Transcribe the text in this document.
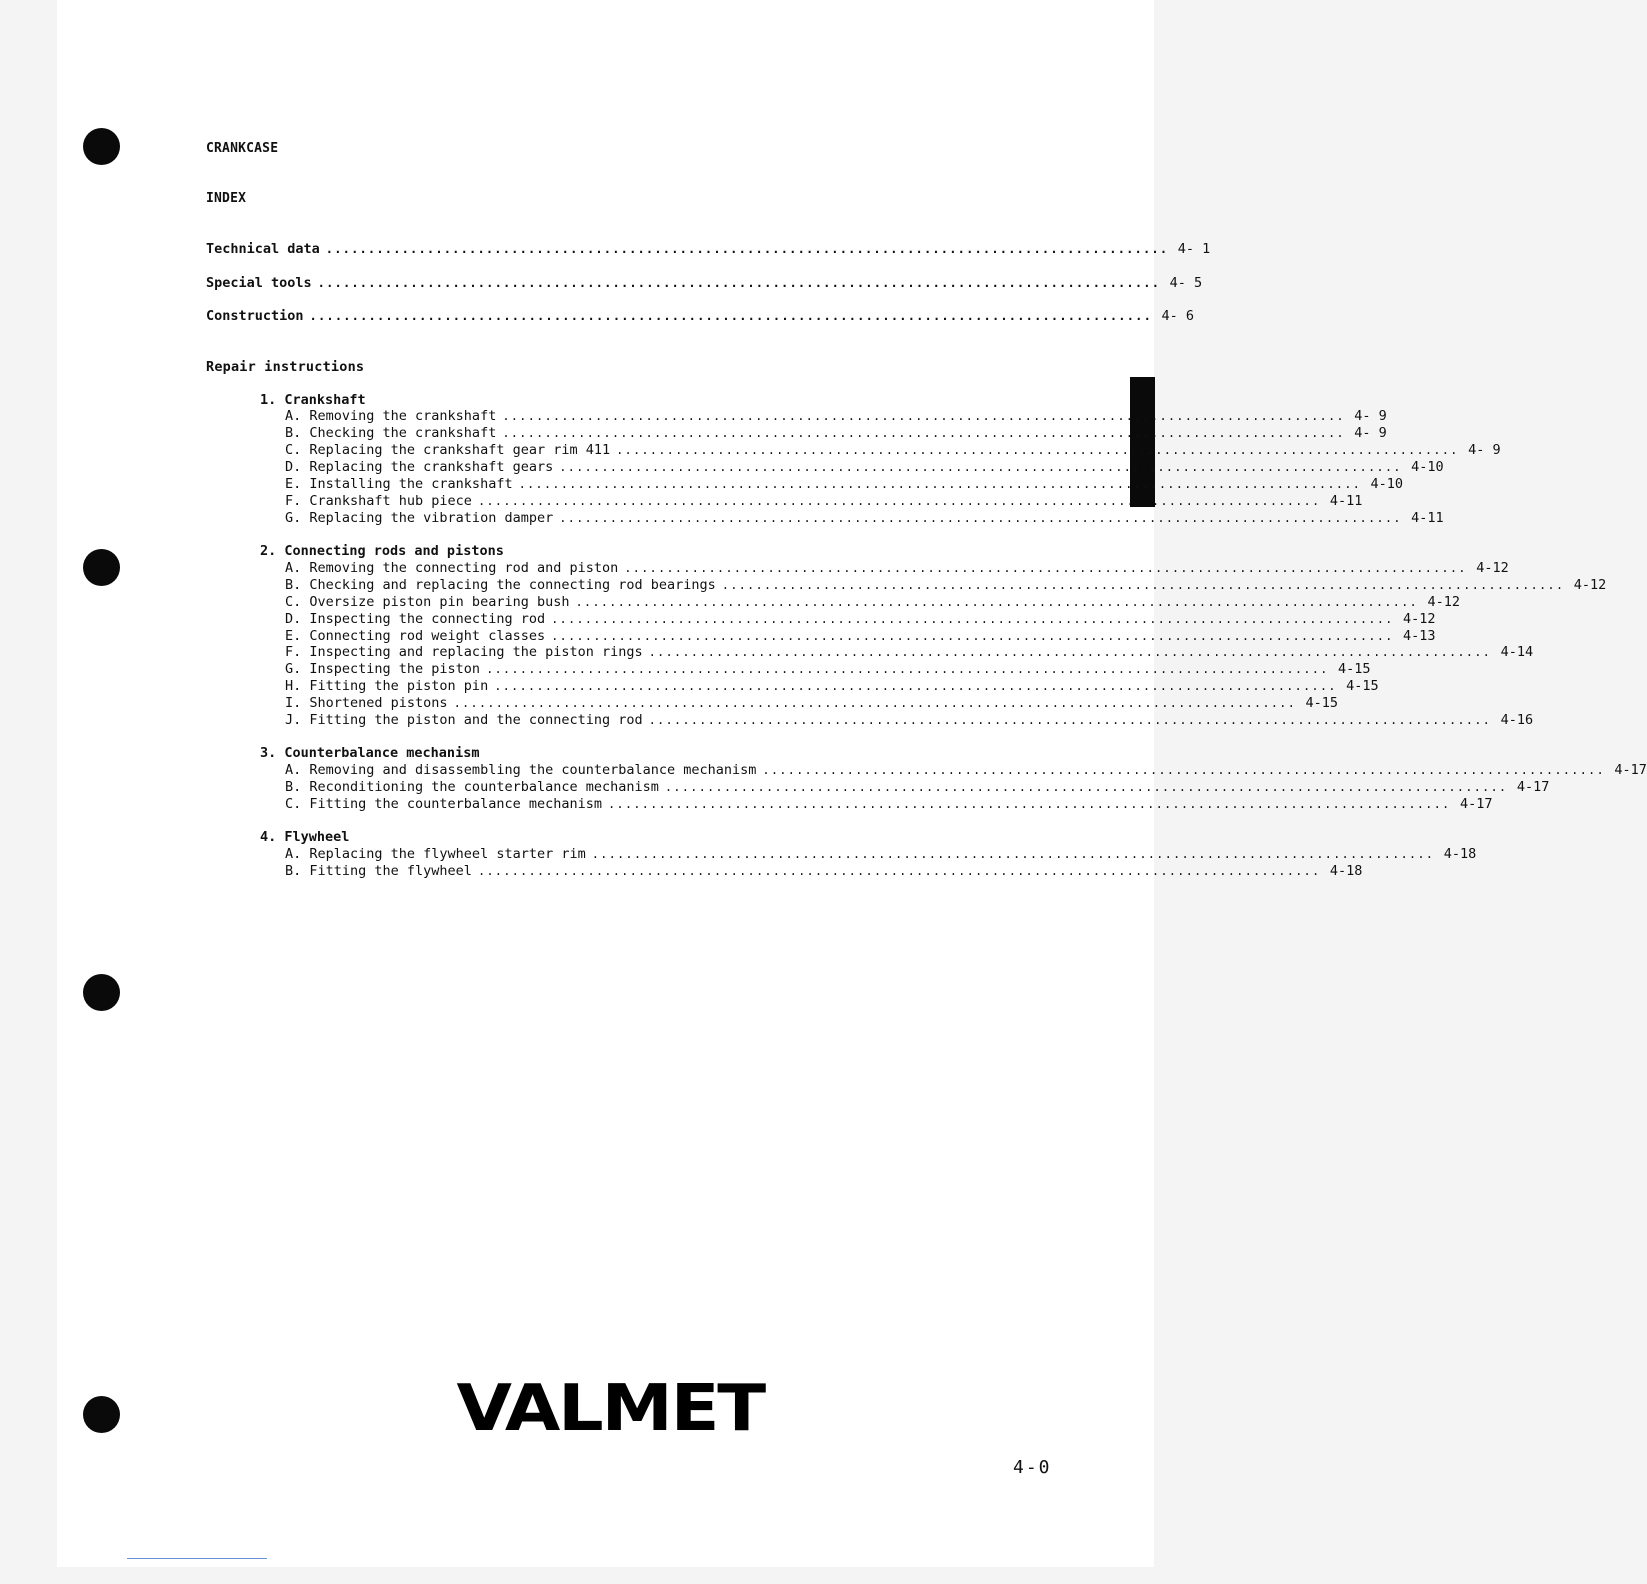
CRANKCASE
INDEX
Technical data .................................................................................................... 4- 1
Special tools .................................................................................................... 4- 5
Construction .................................................................................................... 4- 6
Repair instructions
1. Crankshaft
A. Removing the crankshaft .................................................................................................... 4- 9
B. Checking the crankshaft .................................................................................................... 4- 9
C. Replacing the crankshaft gear rim 411 .................................................................................................... 4- 9
D. Replacing the crankshaft gears .................................................................................................... 4-10
E. Installing the crankshaft .................................................................................................... 4-10
F. Crankshaft hub piece .................................................................................................... 4-11
G. Replacing the vibration damper .................................................................................................... 4-11
2. Connecting rods and pistons
A. Removing the connecting rod and piston .................................................................................................... 4-12
B. Checking and replacing the connecting rod bearings .................................................................................................... 4-12
C. Oversize piston pin bearing bush .................................................................................................... 4-12
D. Inspecting the connecting rod .................................................................................................... 4-12
E. Connecting rod weight classes .................................................................................................... 4-13
F. Inspecting and replacing the piston rings .................................................................................................... 4-14
G. Inspecting the piston .................................................................................................... 4-15
H. Fitting the piston pin .................................................................................................... 4-15
I. Shortened pistons .................................................................................................... 4-15
J. Fitting the piston and the connecting rod .................................................................................................... 4-16
3. Counterbalance mechanism
A. Removing and disassembling the counterbalance mechanism .................................................................................................... 4-17
B. Reconditioning the counterbalance mechanism .................................................................................................... 4-17
C. Fitting the counterbalance mechanism .................................................................................................... 4-17
4. Flywheel
A. Replacing the flywheel starter rim .................................................................................................... 4-18
B. Fitting the flywheel .................................................................................................... 4-18
VALMET
4-0
